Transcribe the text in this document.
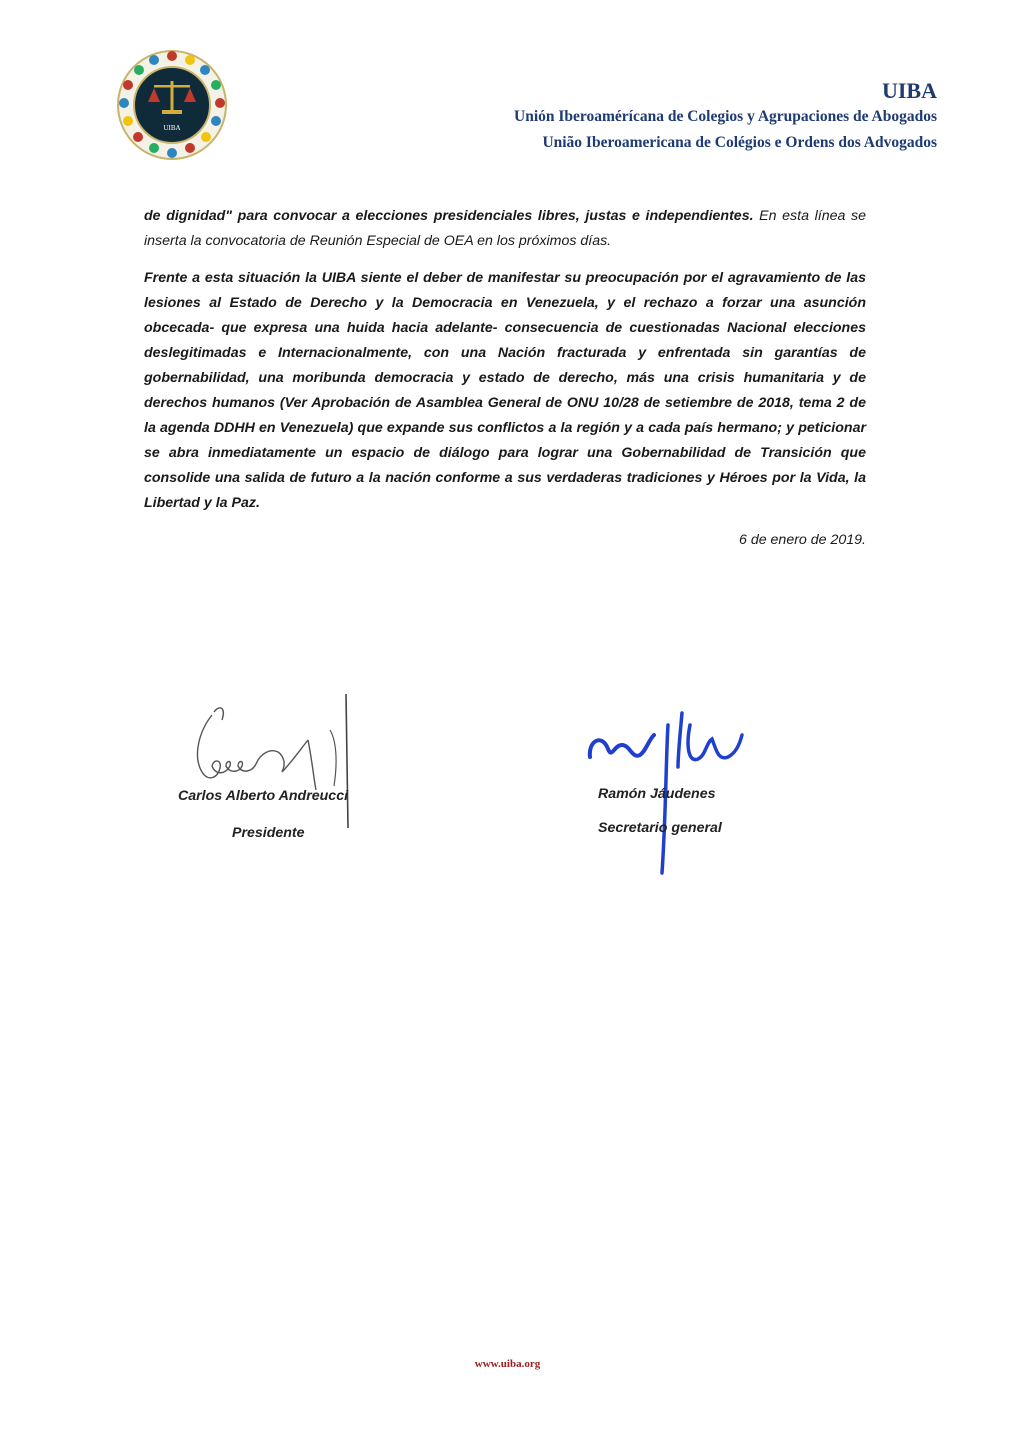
UIBA
UIBA
Unión Iberoamérícana de Colegios y Agrupaciones de Abogados
União Iberoamericana de Colégios e Ordens dos Advogados

de dignidad" para convocar a elecciones presidenciales libres, justas e independientes. En esta línea se inserta la convocatoria de Reunión Especial de OEA en los próximos días.

Frente a esta situación la UIBA siente el deber de manifestar su preocupación por el agravamiento de las lesiones al Estado de Derecho y la Democracia en Venezuela, y el rechazo a forzar una asunción obcecada- que expresa una huida hacia adelante- consecuencia de cuestionadas Nacional elecciones deslegitimadas e Internacionalmente, con una Nación fracturada y enfrentada sin garantías de gobernabilidad, una moribunda democracia y estado de derecho, más una crisis humanitaria y de derechos humanos (Ver Aprobación de Asamblea General de ONU 10/28 de setiembre de 2018, tema 2 de la agenda DDHH en Venezuela) que expande sus conflictos a la región y a cada país hermano; y peticionar se abra inmediatamente un espacio de diálogo para lograr una Gobernabilidad de Transición que consolide una salida de futuro a la nación conforme a sus verdaderas tradiciones y Héroes por la Vida, la Libertad y la Paz.

6 de enero de 2019.

Carlos Alberto Andreucci
Presidente
Ramón Jáudenes
Secretario general
www.uiba.org
